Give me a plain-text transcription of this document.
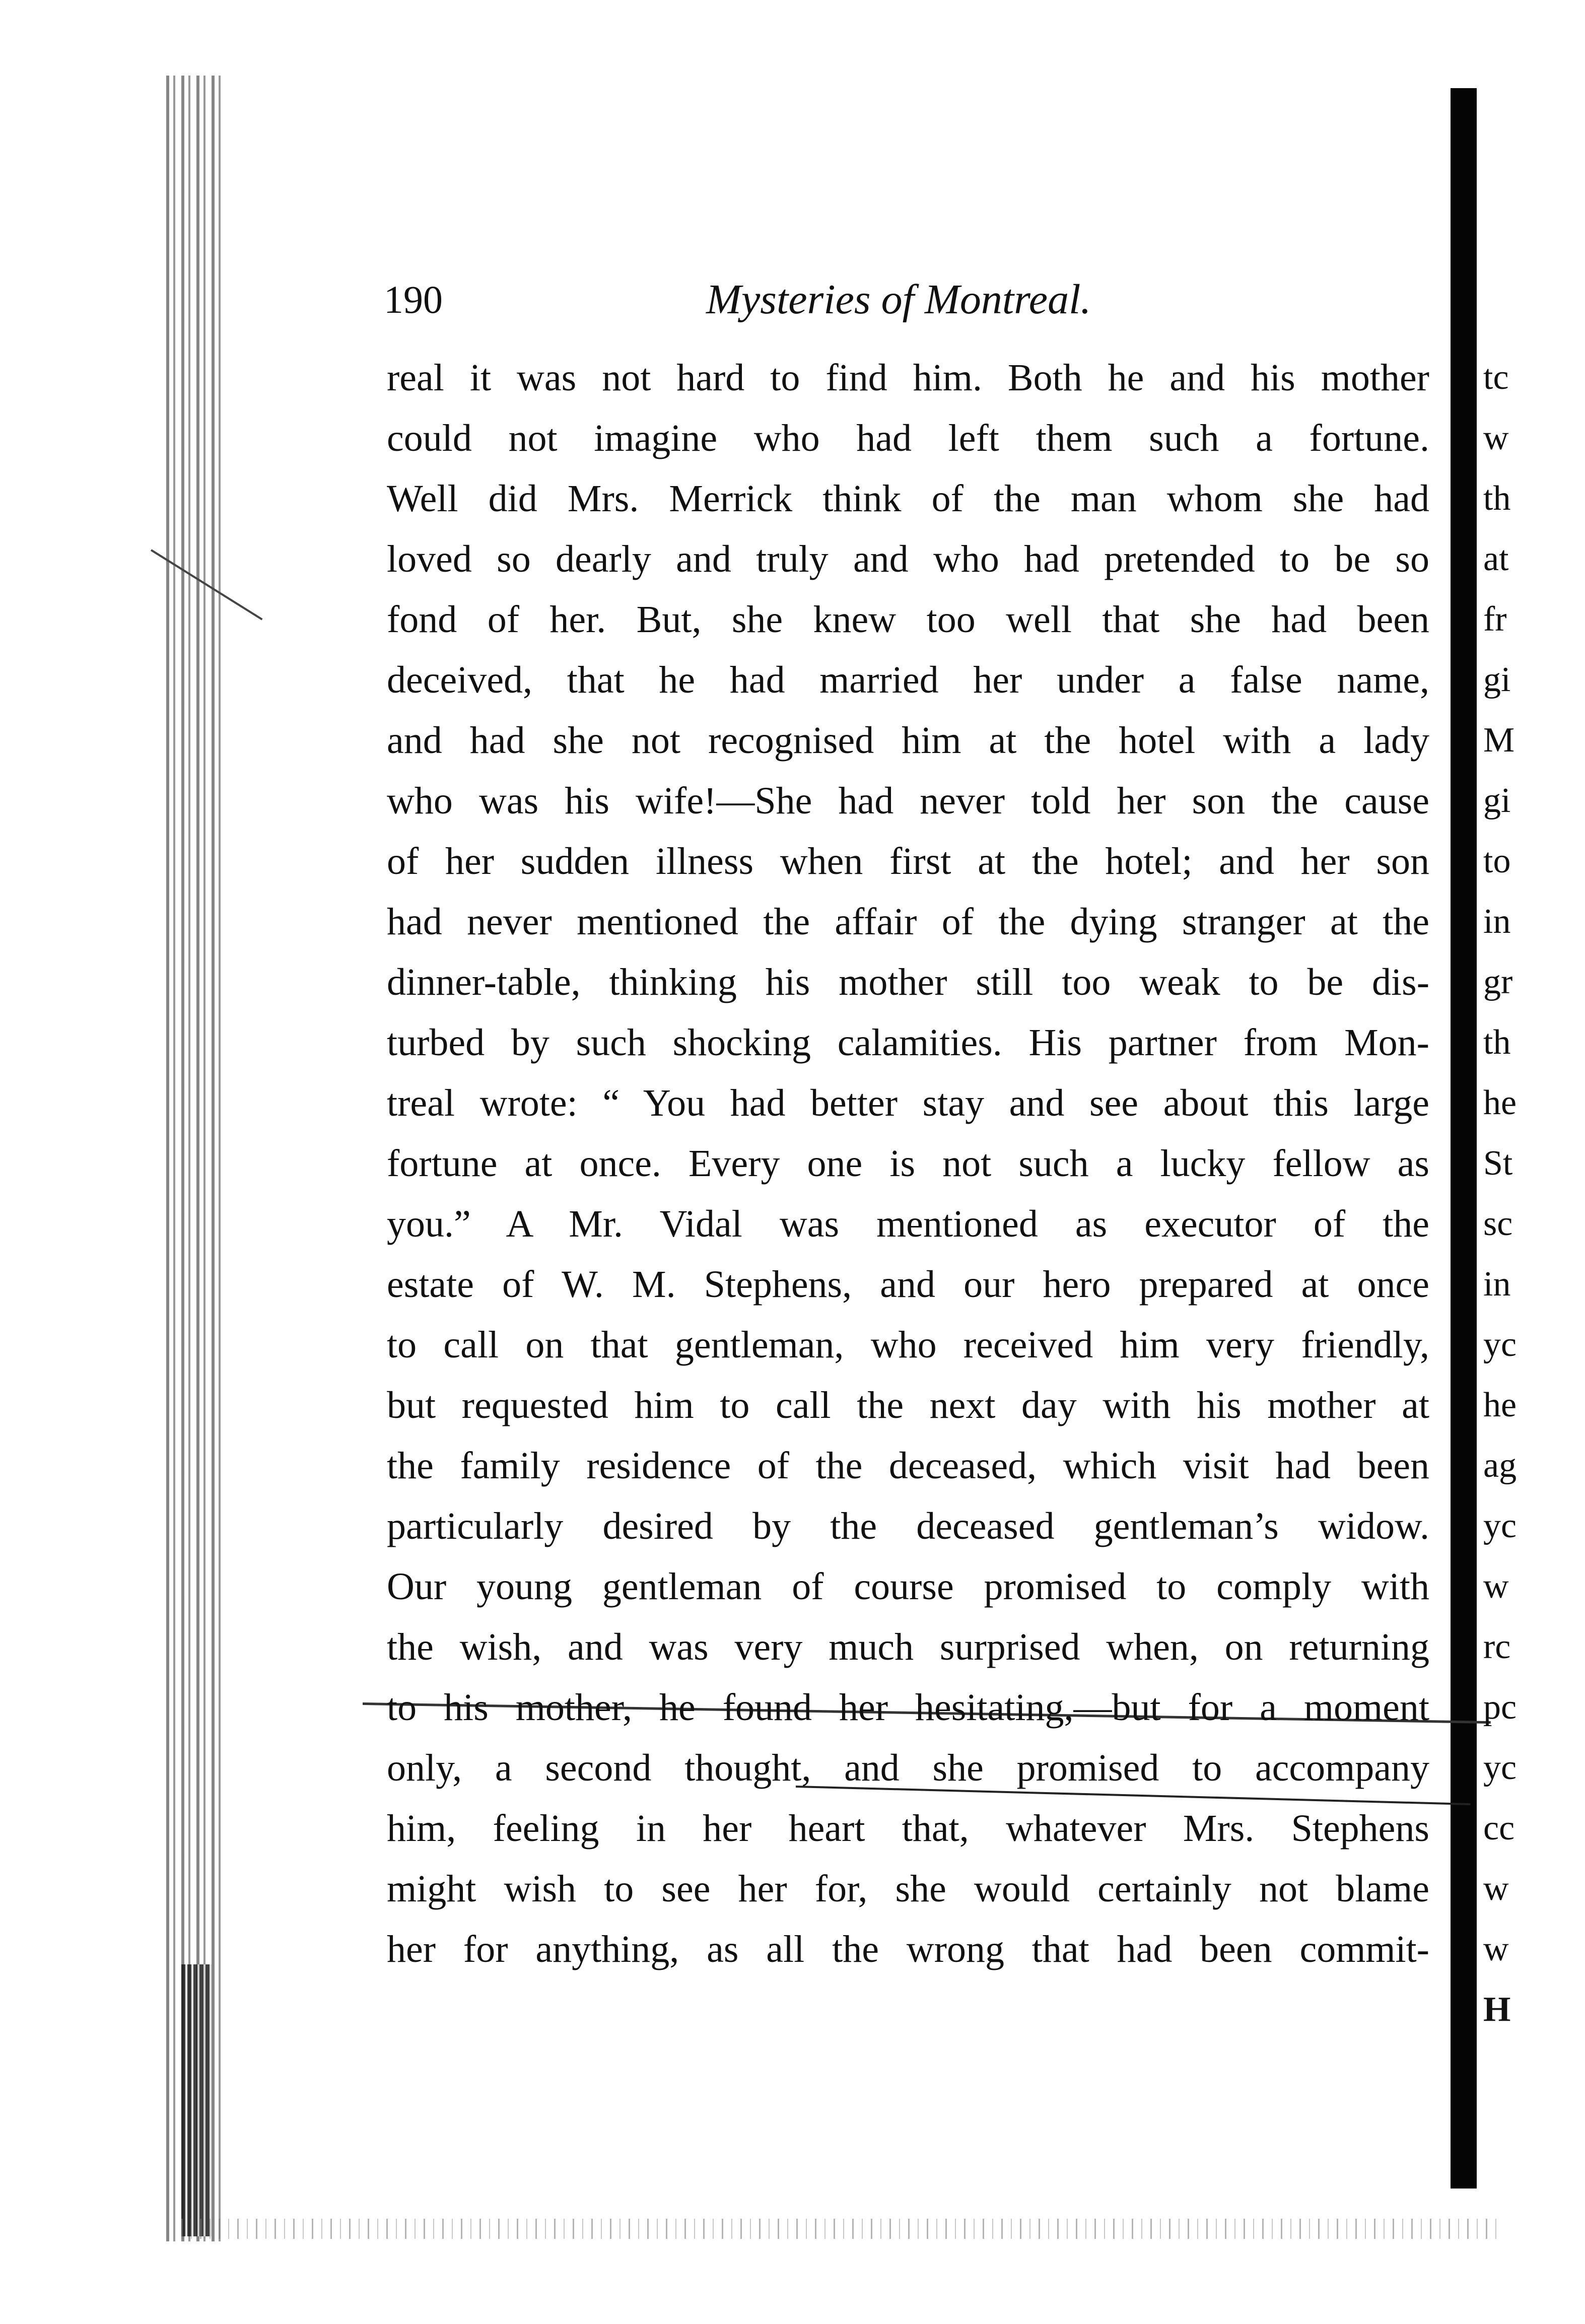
190	Mysteries of Montreal.
real it was not hard to find him. Both he and his mother
could not imagine who had left them such a fortune.
Well did Mrs. Merrick think of the man whom she had
loved so dearly and truly and who had pretended to be so
fond of her. But, she knew too well that she had been
deceived, that he had married her under a false name,
and had she not recognised him at the hotel with a lady
who was his wife!—She had never told her son the cause
of her sudden illness when first at the hotel; and her son
had never mentioned the affair of the dying stranger at the
dinner-table, thinking his mother still too weak to be dis-
turbed by such shocking calamities. His partner from Mon-
treal wrote: “ You had better stay and see about this large
fortune at once. Every one is not such a lucky fellow as
you.” A Mr. Vidal was mentioned as executor of the
estate of W. M. Stephens, and our hero prepared at once
to call on that gentleman, who received him very friendly,
but requested him to call the next day with his mother at
the family residence of the deceased, which visit had been
particularly desired by the deceased gentleman’s widow.
Our young gentleman of course promised to comply with
the wish, and was very much surprised when, on returning
to his mother, he found her hesitating,—but for a moment
only, a second thought, and she promised to accompany
him, feeling in her heart that, whatever Mrs. Stephens
might wish to see her for, she would certainly not blame
her for anything, as all the wrong that had been commit-
tc
w
th
at
fr
gi
M
gi
to
in
gr
th
he
St
sc
in
yc
he
ag
yc
w
rc
pc
yc
cc
w
w
H
